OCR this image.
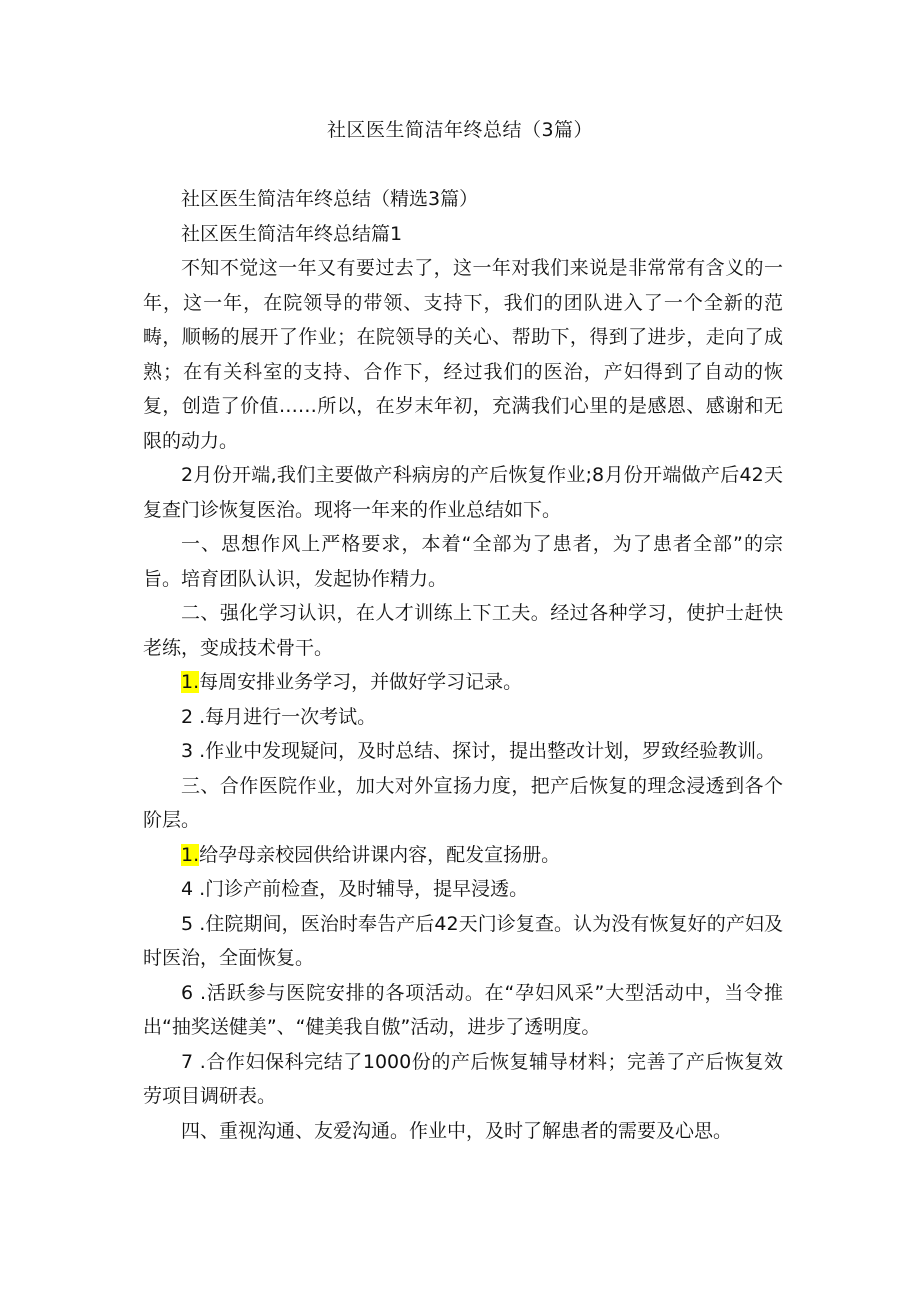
社区医生简洁年终总结（3篇）

社区医生简洁年终总结（精选3篇）

社区医生简洁年终总结篇1

不知不觉这一年又有要过去了，这一年对我们来说是非常常有含义的一年，这一年，在院领导的带领、支持下，我们的团队进入了一个全新的范畴，顺畅的展开了作业；在院领导的关心、帮助下，得到了进步，走向了成熟；在有关科室的支持、合作下，经过我们的医治，产妇得到了自动的恢复，创造了价值……所以，在岁末年初，充满我们心里的是感恩、感谢和无限的动力。

2月份开端,我们主要做产科病房的产后恢复作业;8月份开端做产后42天复查门诊恢复医治。现将一年来的作业总结如下。

一、思想作风上严格要求，本着“全部为了患者，为了患者全部”的宗旨。培育团队认识，发起协作精力。

二、强化学习认识，在人才训练上下工夫。经过各种学习，使护士赶快老练，变成技术骨干。

1.每周安排业务学习，并做好学习记录。

2 .每月进行一次考试。

3 .作业中发现疑问，及时总结、探讨，提出整改计划，罗致经验教训。

三、合作医院作业，加大对外宣扬力度，把产后恢复的理念浸透到各个阶层。

1.给孕母亲校园供给讲课内容，配发宣扬册。

4 .门诊产前检查，及时辅导，提早浸透。

5 .住院期间，医治时奉告产后42天门诊复查。认为没有恢复好的产妇及时医治，全面恢复。

6 .活跃参与医院安排的各项活动。在“孕妇风采”大型活动中，当令推出“抽奖送健美”、“健美我自傲”活动，进步了透明度。

7 .合作妇保科完结了1000份的产后恢复辅导材料；完善了产后恢复效劳项目调研表。

四、重视沟通、友爱沟通。作业中，及时了解患者的需要及心思。
